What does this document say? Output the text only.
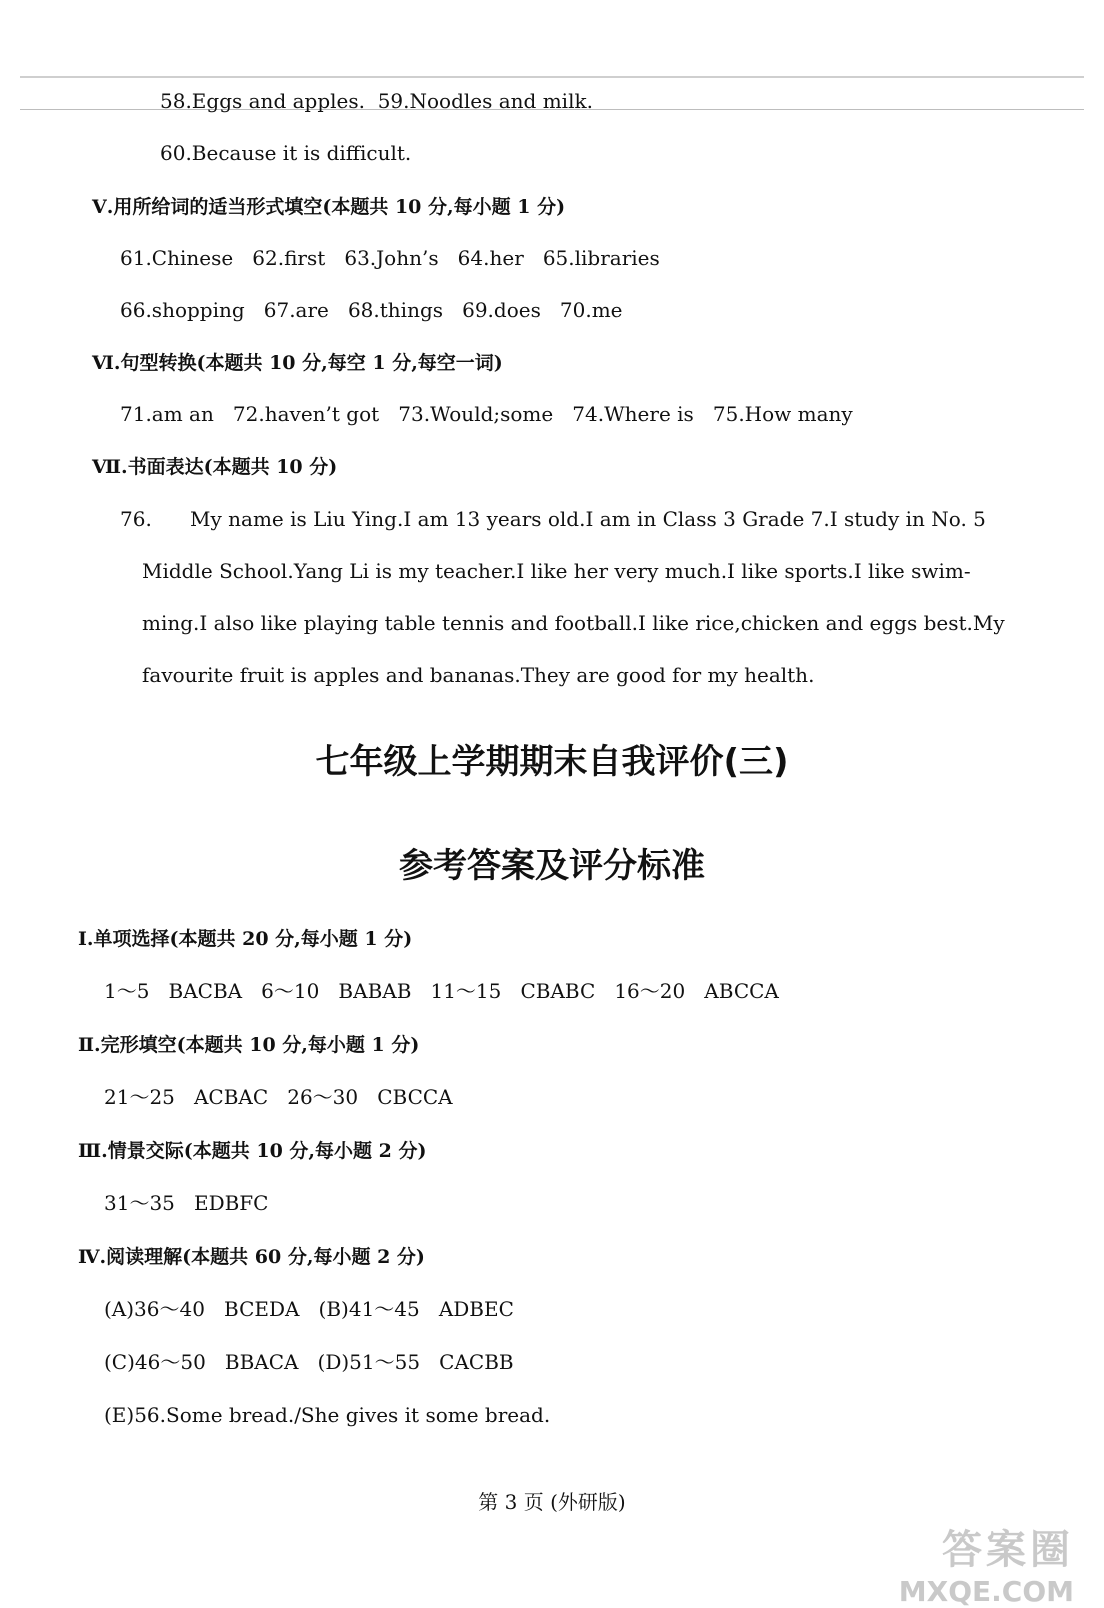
58.Eggs and apples.  59.Noodles and milk.
60.Because it is difficult.
Ⅴ.用所给词的适当形式填空(本题共 10 分,每小题 1 分)
61.Chinese   62.first   63.John’s   64.her   65.libraries
66.shopping   67.are   68.things   69.does   70.me
Ⅵ.句型转换(本题共 10 分,每空 1 分,每空一词)
71.am an   72.haven’t got   73.Would;some   74.Where is   75.How many
Ⅶ.书面表达(本题共 10 分)
76. My name is Liu Ying.I am 13 years old.I am in Class 3 Grade 7.I study in No. 5
Middle School.Yang Li is my teacher.I like her very much.I like sports.I like swim-
ming.I also like playing table tennis and football.I like rice,chicken and eggs best.My
favourite fruit is apples and bananas.They are good for my health.
七年级上学期期末自我评价(三)
参考答案及评分标准
Ⅰ.单项选择(本题共 20 分,每小题 1 分)
1～5   BACBA   6～10   BABAB   11～15   CBABC   16～20   ABCCA
Ⅱ.完形填空(本题共 10 分,每小题 1 分)
21～25   ACBAC   26～30   CBCCA
Ⅲ.情景交际(本题共 10 分,每小题 2 分)
31～35   EDBFC
Ⅳ.阅读理解(本题共 60 分,每小题 2 分)
(A)36～40   BCEDA   (B)41～45   ADBEC
(C)46～50   BBACA   (D)51～55   CACBB
(E)56.Some bread./She gives it some bread.
第 3 页 (外研版)
答案圈
MXQE.COM
